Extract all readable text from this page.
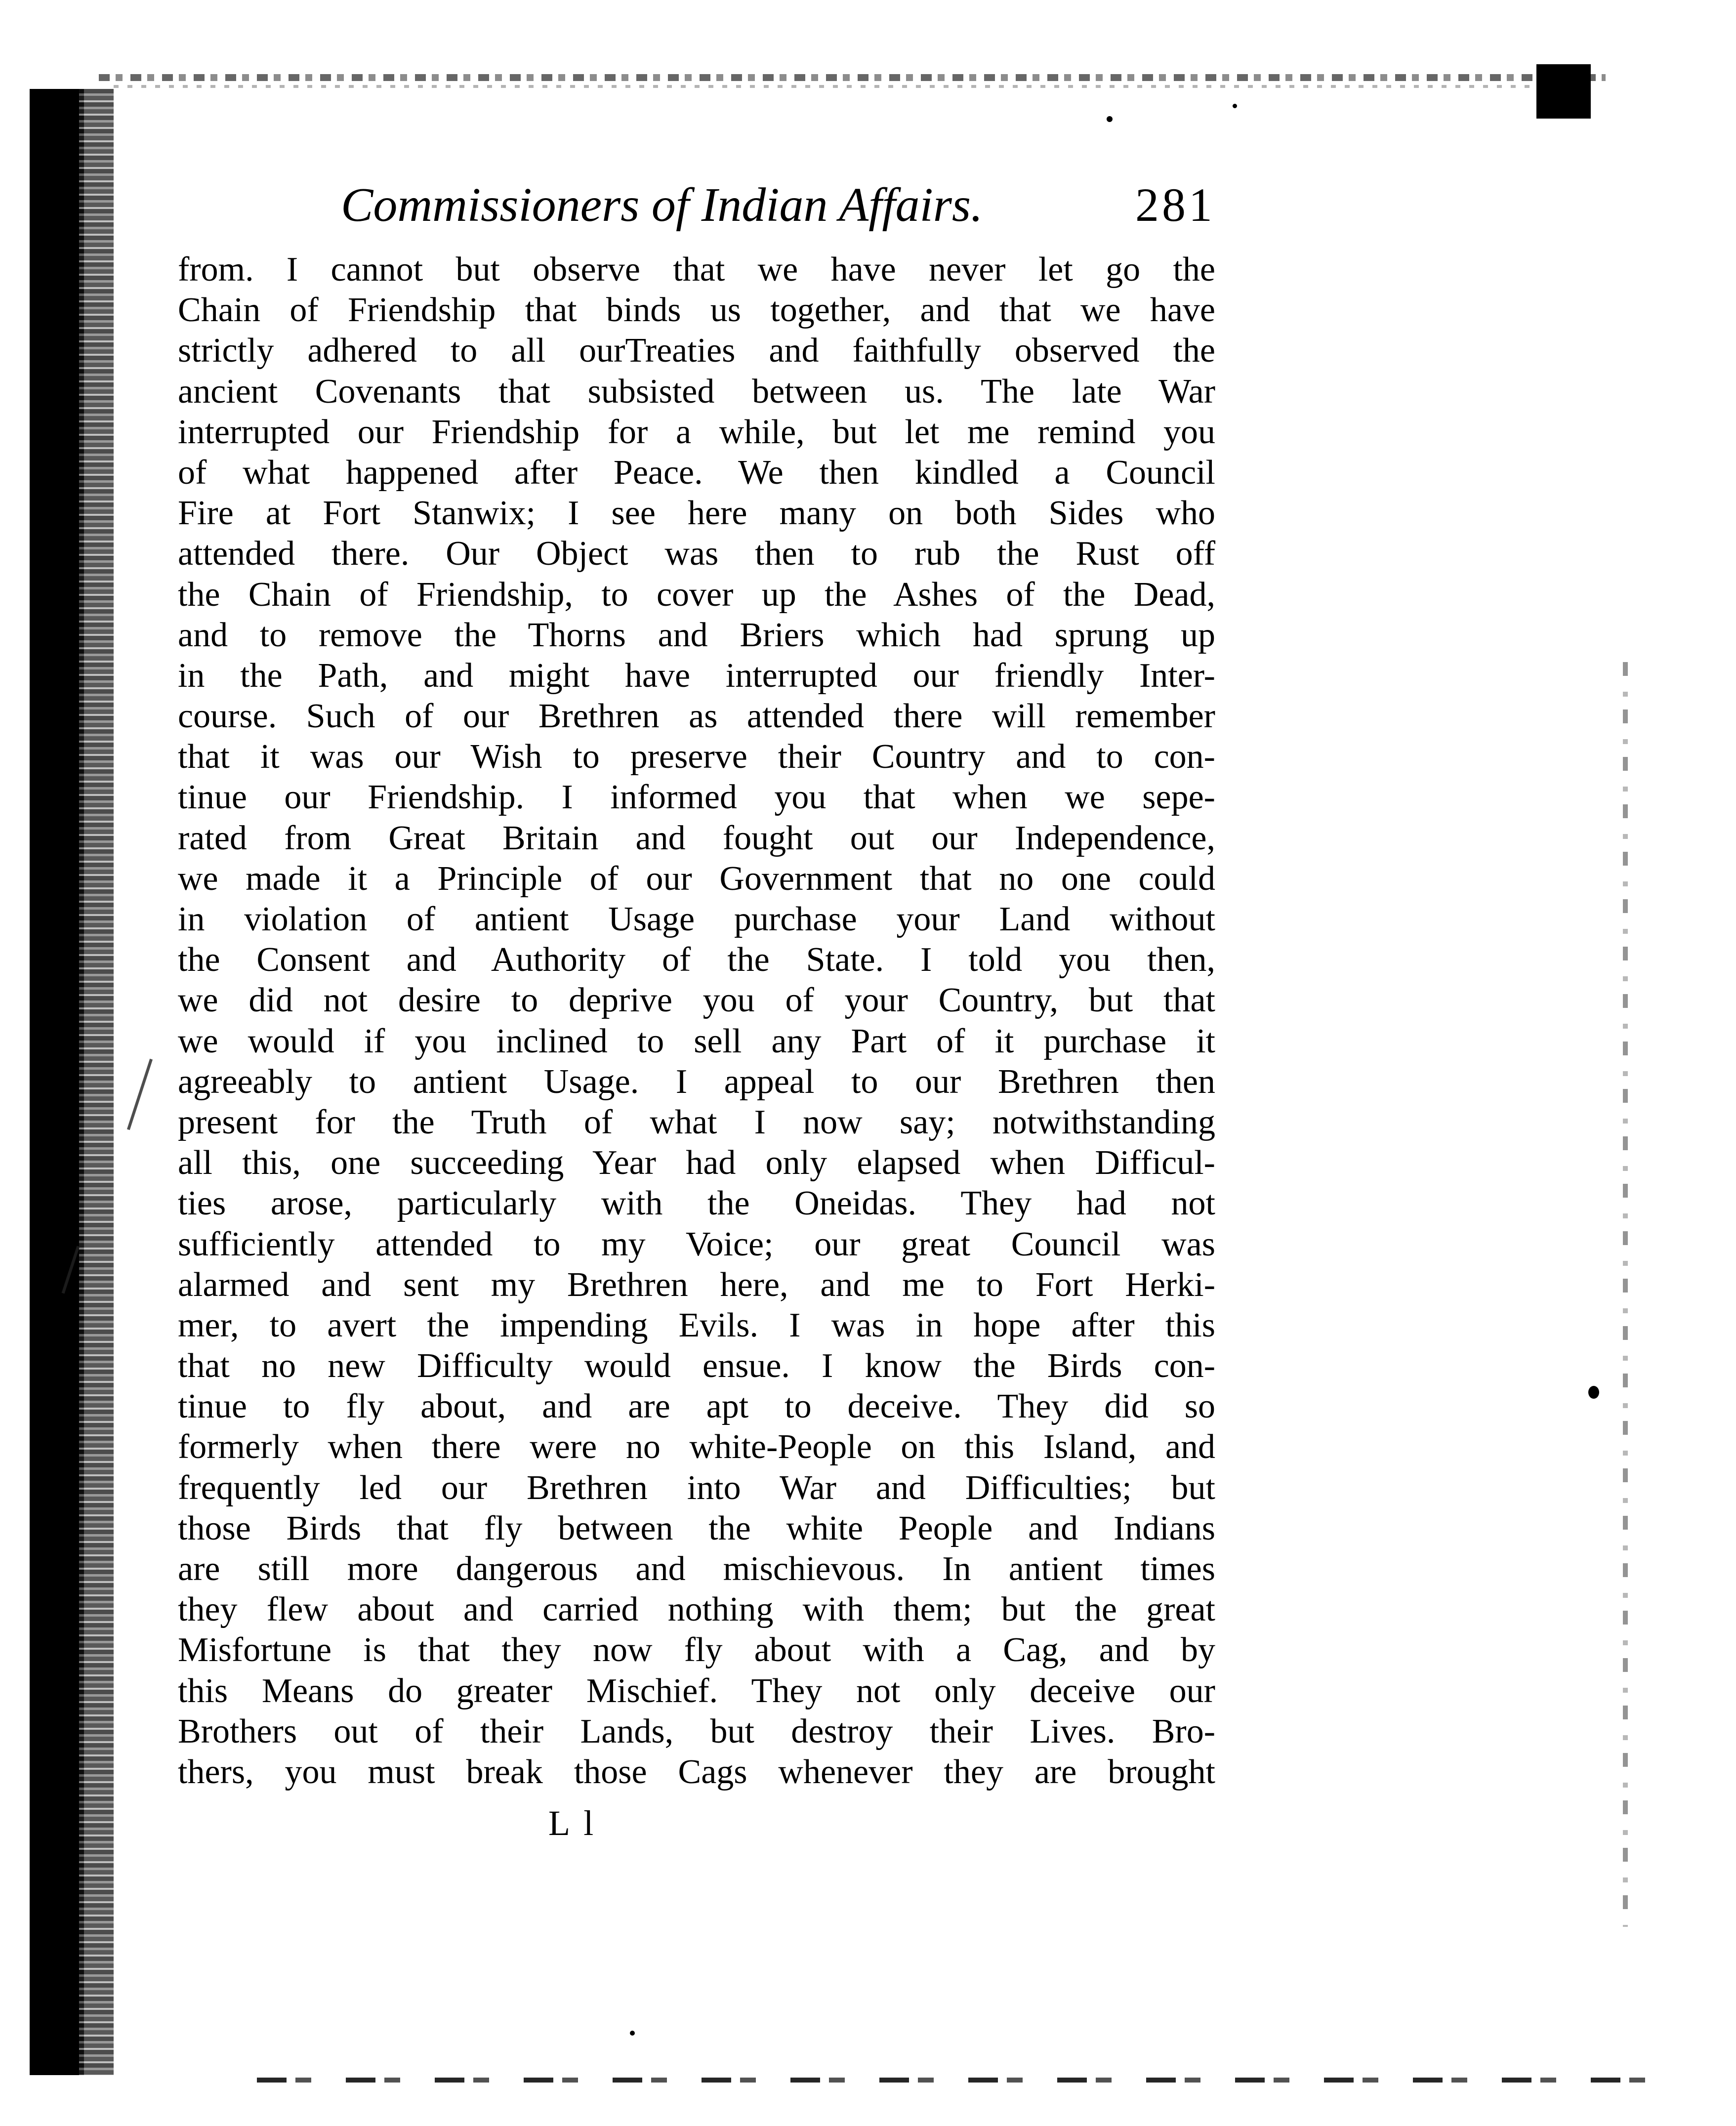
Commissioners of Indian Affairs.	281
from. I cannot but observe that we have never let go the
Chain of Friendship that binds us together, and that we have
strictly adhered to all ourTreaties and faithfully observed the
ancient Covenants that subsisted between us. The late War
interrupted our Friendship for a while, but let me remind you
of what happened after Peace. We then kindled a Council
Fire at Fort Stanwix; I see here many on both Sides who
attended there. Our Object was then to rub the Rust off
the Chain of Friendship, to cover up the Ashes of the Dead,
and to remove the Thorns and Briers which had sprung up
in the Path, and might have interrupted our friendly Inter-
course. Such of our Brethren as attended there will remember
that it was our Wish to preserve their Country and to con-
tinue our Friendship. I informed you that when we sepe-
rated from Great Britain and fought out our Independence,
we made it a Principle of our Government that no one could
in violation of antient Usage purchase your Land without
the Consent and Authority of the State. I told you then,
we did not desire to deprive you of your Country, but that
we would if you inclined to sell any Part of it purchase it
agreeably to antient Usage. I appeal to our Brethren then
present for the Truth of what I now say; notwithstanding
all this, one succeeding Year had only elapsed when Difficul-
ties arose, particularly with the Oneidas. They had not
sufficiently attended to my Voice; our great Council was
alarmed and sent my Brethren here, and me to Fort Herki-
mer, to avert the impending Evils. I was in hope after this
that no new Difficulty would ensue. I know the Birds con-
tinue to fly about, and are apt to deceive. They did so
formerly when there were no white-People on this Island, and
frequently led our Brethren into War and Difficulties; but
those Birds that fly between the white People and Indians
are still more dangerous and mischievous. In antient times
they flew about and carried nothing with them; but the great
Misfortune is that they now fly about with a Cag, and by
this Means do greater Mischief. They not only deceive our
Brothers out of their Lands, but destroy their Lives. Bro-
thers, you must break those Cags whenever they are brought
L l
